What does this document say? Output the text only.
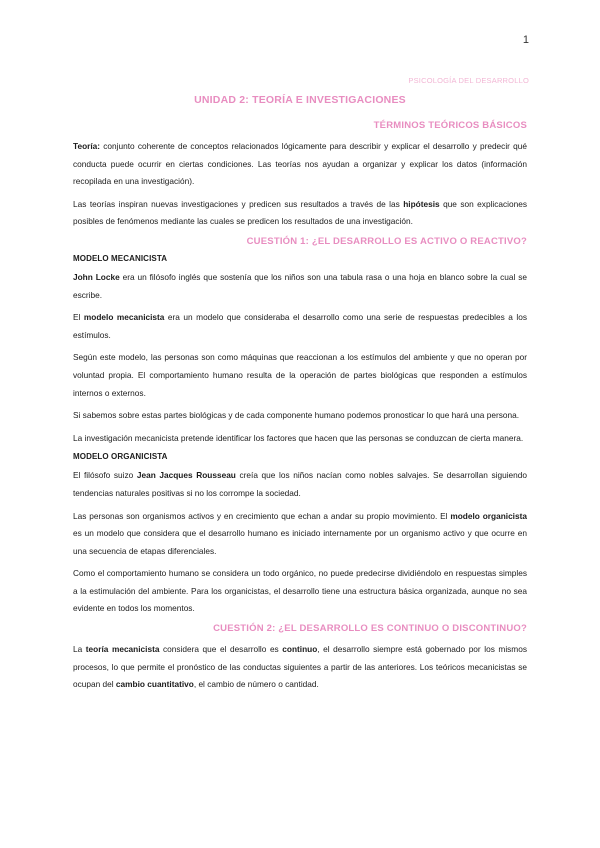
1
PSICOLOGÍA DEL DESARROLLO
UNIDAD 2: TEORÍA E INVESTIGACIONES
TÉRMINOS TEÓRICOS BÁSICOS

Teoría: conjunto coherente de conceptos relacionados lógicamente para describir y explicar el desarrollo y predecir qué conducta puede ocurrir en ciertas condiciones. Las teorías nos ayudan a organizar y explicar los datos (información recopilada en una investigación).

Las teorías inspiran nuevas investigaciones y predicen sus resultados a través de las hipótesis que son explicaciones posibles de fenómenos mediante las cuales se predicen los resultados de una investigación.

CUESTIÓN 1: ¿EL DESARROLLO ES ACTIVO O REACTIVO?
MODELO MECANICISTA

John Locke era un filósofo inglés que sostenía que los niños son una tabula rasa o una hoja en blanco sobre la cual se escribe.

El modelo mecanicista era un modelo que consideraba el desarrollo como una serie de respuestas predecibles a los estímulos.

Según este modelo, las personas son como máquinas que reaccionan a los estímulos del ambiente y que no operan por voluntad propia. El comportamiento humano resulta de la operación de partes biológicas que responden a estímulos internos o externos.

Si sabemos sobre estas partes biológicas y de cada componente humano podemos pronosticar lo que hará una persona.

La investigación mecanicista pretende identificar los factores que hacen que las personas se conduzcan de cierta manera.

MODELO ORGANICISTA

El filósofo suizo Jean Jacques Rousseau creía que los niños nacían como nobles salvajes. Se desarrollan siguiendo tendencias naturales positivas si no los corrompe la sociedad.

Las personas son organismos activos y en crecimiento que echan a andar su propio movimiento. El modelo organicista es un modelo que considera que el desarrollo humano es iniciado internamente por un organismo activo y que ocurre en una secuencia de etapas diferenciales.

Como el comportamiento humano se considera un todo orgánico, no puede predecirse dividiéndolo en respuestas simples a la estimulación del ambiente. Para los organicistas, el desarrollo tiene una estructura básica organizada, aunque no sea evidente en todos los momentos.

CUESTIÓN 2: ¿EL DESARROLLO ES CONTINUO O DISCONTINUO?

La teoría mecanicista considera que el desarrollo es continuo, el desarrollo siempre está gobernado por los mismos procesos, lo que permite el pronóstico de las conductas siguientes a partir de las anteriores. Los teóricos mecanicistas se ocupan del cambio cuantitativo, el cambio de número o cantidad.
